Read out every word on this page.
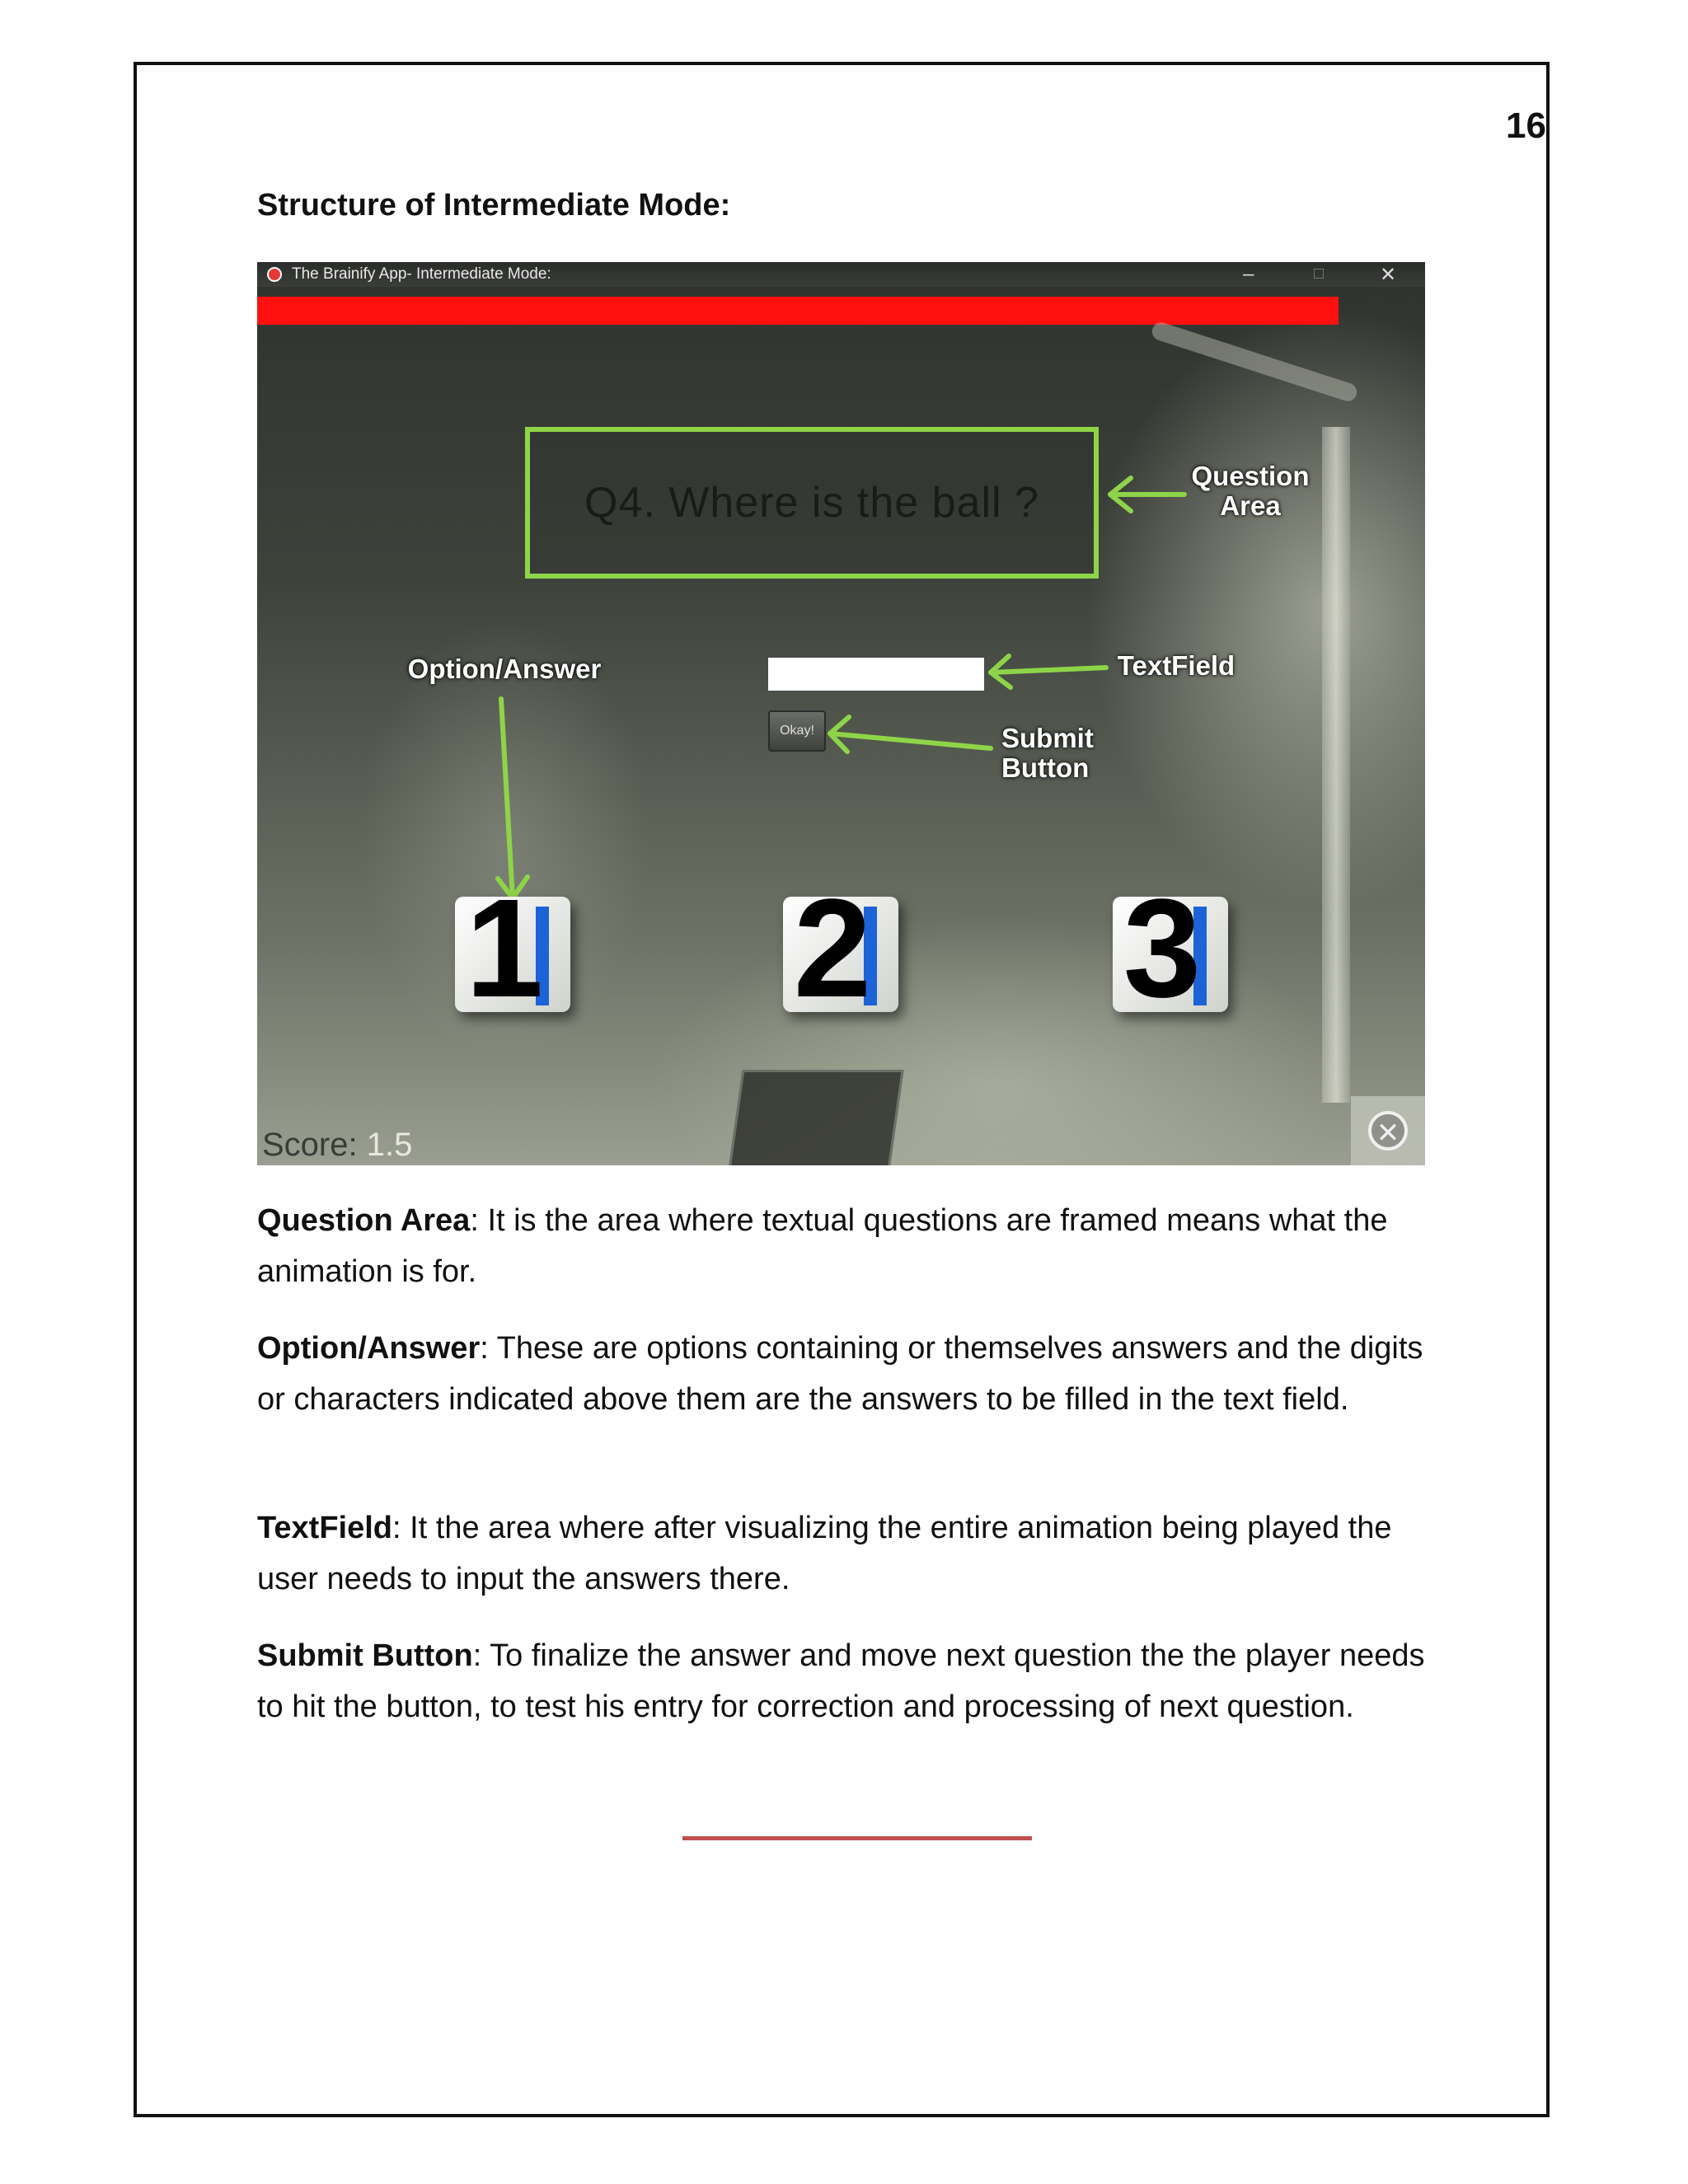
16
Structure of Intermediate Mode:
The Brainify App- Intermediate Mode:	–	□	✕
Q4. Where is the ball ?
Question
Area
TextField
Submit
Button
Option/Answer
Okay!
1 2 3
Score: 1.5	✕
Question Area: It is the area where textual questions are framed means what the animation is for.
Option/Answer: These are options containing or themselves answers and the digits or characters indicated above them are the answers to be filled in the text field.
TextField: It the area where after visualizing the entire animation being played the user needs to input the answers there.
Submit Button: To finalize the answer and move next question the the player needs to hit the button, to test his entry for correction and processing of next question.
